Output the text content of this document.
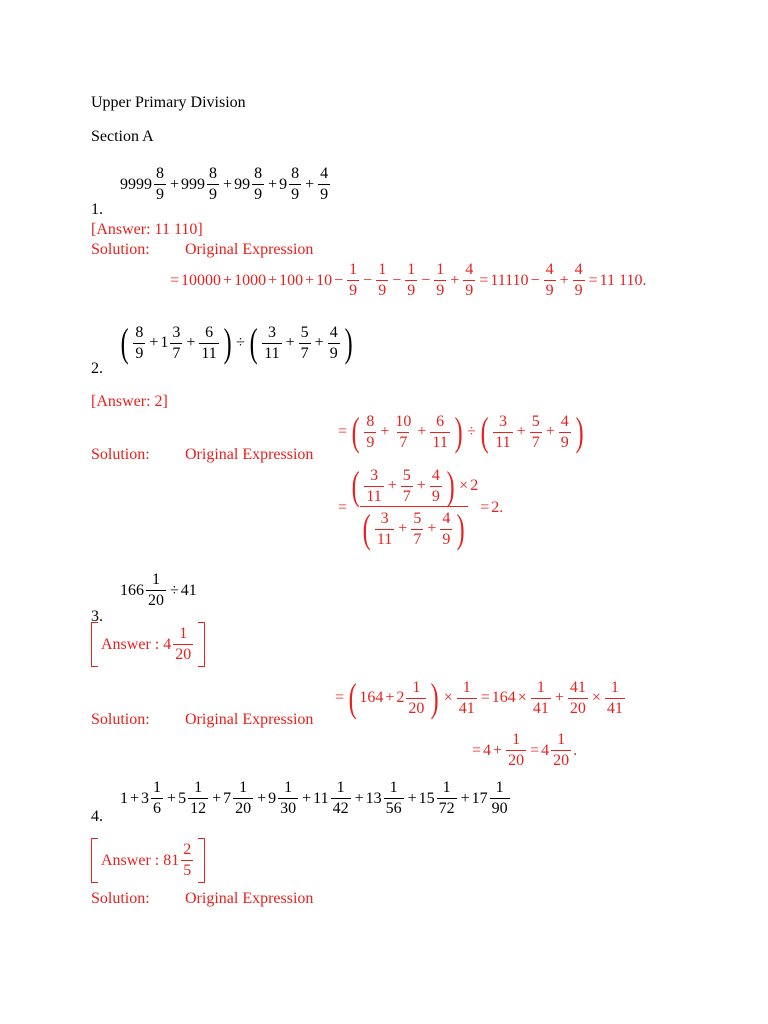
Upper Primary Division
Section A
1.
$9999 \frac{8}{9} + 999 \frac{8}{9} + 99 \frac{8}{9} + 9 \frac{8}{9} + \frac{4}{9}$
[Answer: 11 110]
Solution: Original Expression
= $10000 + 1000 + 100 + 10 - \frac{1}{9} - \frac{1}{9} - \frac{1}{9} - \frac{1}{9} + \frac{4}{9} = 11110 - \frac{4}{9} + \frac{4}{9} = 11$ 110.
2.
( $\frac{8}{9} + 1 \frac{3}{7} + \frac{6}{11}$ ) ÷ ( $\frac{3}{11} + \frac{5}{7} + \frac{4}{9}$ )
[Answer: 2]
Solution: Original Expression
= ( $\frac{8}{9} + \frac{10}{7} + \frac{6}{11}$ ) ÷ ( $\frac{3}{11} + \frac{5}{7} + \frac{4}{9}$ )
= $\frac{( \frac{3}{11} + \frac{5}{7} + \frac{4}{9} ) \times 2}{( \frac{3}{11} + \frac{5}{7} + \frac{4}{9} )} = 2$.
3.
$166 \frac{1}{20} \div 41$
Answer : $4 \frac{1}{20}$
Solution: Original Expression
= ( $164 + 2 \frac{1}{20}$ ) × $\frac{1}{41} = 164 \times \frac{1}{41} + \frac{41}{20} \times \frac{1}{41}$
= $4 + \frac{1}{20} = 4 \frac{1}{20}$ .
4.
$1 + 3 \frac{1}{6} + 5 \frac{1}{12} + 7 \frac{1}{20} + 9 \frac{1}{30} + 11 \frac{1}{42} + 13 \frac{1}{56} + 15 \frac{1}{72} + 17 \frac{1}{90}$
Answer : $81 \frac{2}{5}$
Solution: Original Expression
